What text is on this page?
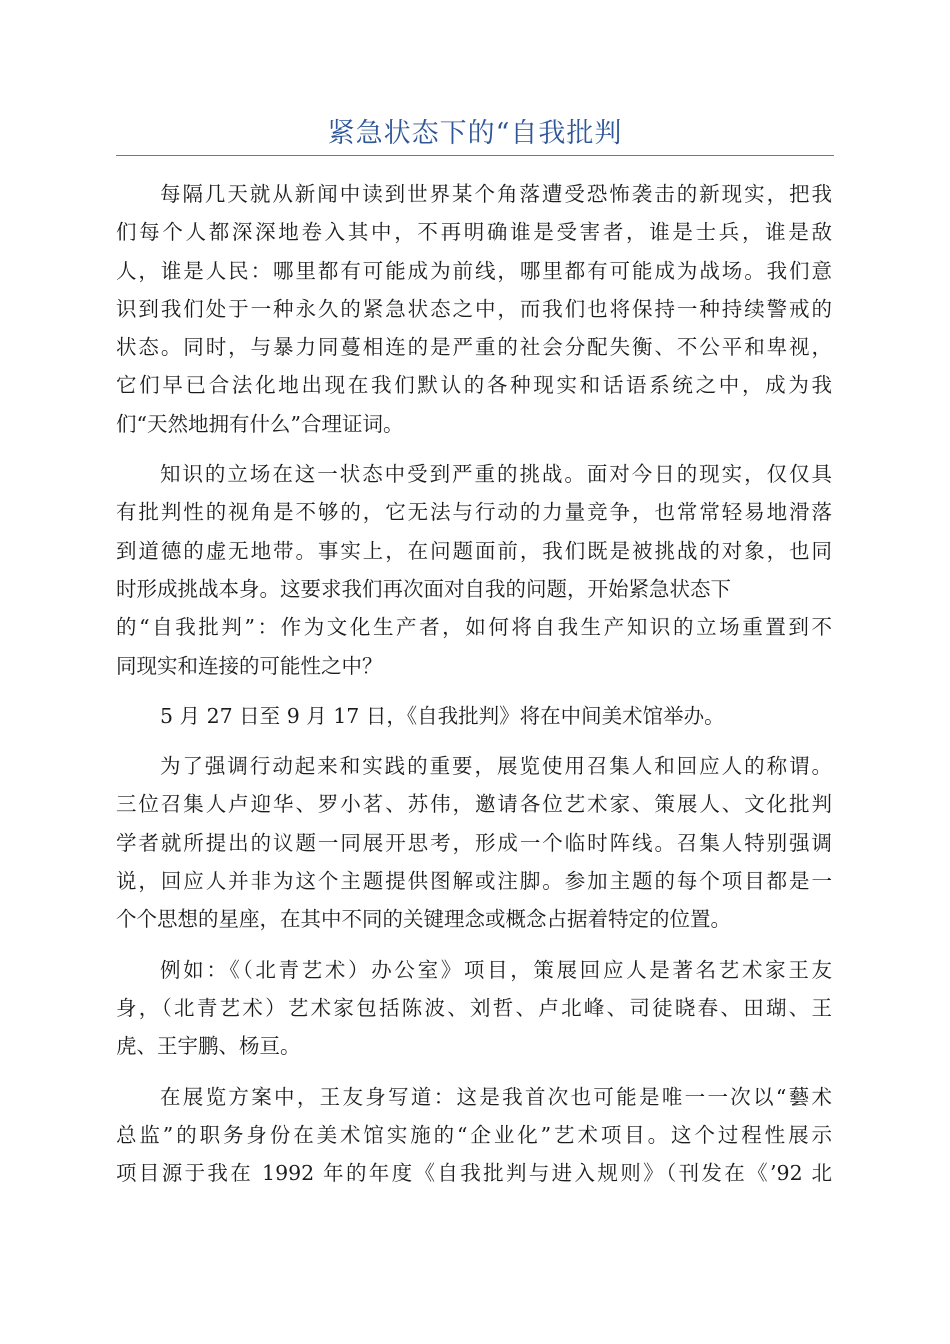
紧急状态下的“自我批判
每隔几天就从新闻中读到世界某个角落遭受恐怖袭击的新现实，把我
们每个人都深深地卷入其中，不再明确谁是受害者，谁是士兵，谁是敌
人，谁是人民：哪里都有可能成为前线，哪里都有可能成为战场。我们意
识到我们处于一种永久的紧急状态之中，而我们也将保持一种持续警戒的
状态。同时，与暴力同蔓相连的是严重的社会分配失衡、不公平和卑视，
它们早已合法化地出现在我们默认的各种现实和话语系统之中，成为我
们“天然地拥有什么”合理证词。
知识的立场在这一状态中受到严重的挑战。面对今日的现实，仅仅具
有批判性的视角是不够的，它无法与行动的力量竞争，也常常轻易地滑落
到道德的虚无地带。事实上，在问题面前，我们既是被挑战的对象，也同
时形成挑战本身。这要求我们再次面对自我的问题，开始紧急状态下
的“自我批判”：作为文化生产者，如何将自我生产知识的立场重置到不
同现实和连接的可能性之中？
5 月 27 日至 9 月 17 日，《自我批判》将在中间美术馆举办。
为了强调行动起来和实践的重要，展览使用召集人和回应人的称谓。
三位召集人卢迎华、罗小茗、苏伟，邀请各位艺术家、策展人、文化批判
学者就所提出的议题一同展开思考，形成一个临时阵线。召集人特别强调
说，回应人并非为这个主题提供图解或注脚。参加主题的每个项目都是一
个个思想的星座，在其中不同的关键理念或概念占据着特定的位置。
例如：《（北青艺术）办公室》项目，策展回应人是著名艺术家王友
身，（北青艺术）艺术家包括陈波、刘哲、卢北峰、司徒晓春、田瑚、王
虎、王宇鹏、杨亘。
在展览方案中，王友身写道：这是我首次也可能是唯一一次以“藝术
总监”的职务身份在美术馆实施的“企业化”艺术项目。这个过程性展示
项目源于我在 1992 年的年度《自我批判与进入规则》（刊发在《’92 北
